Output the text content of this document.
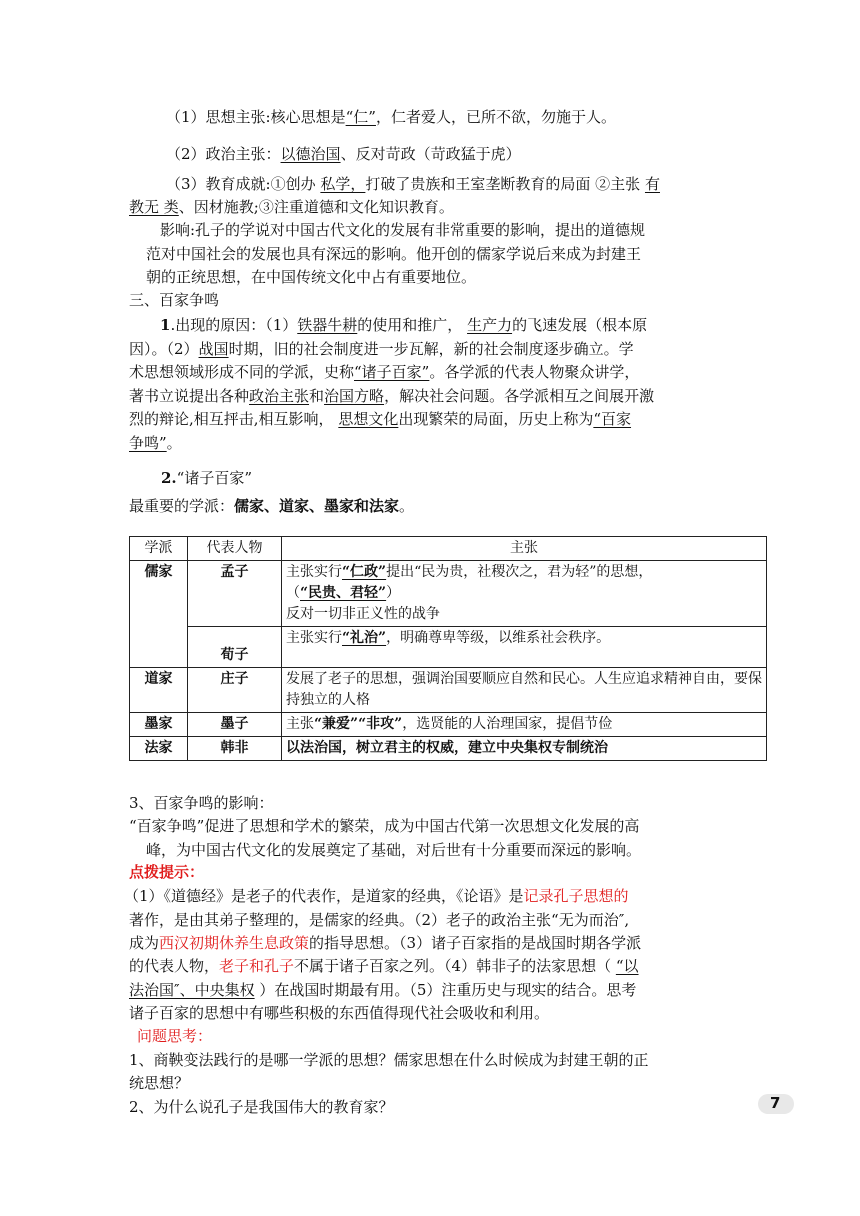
（1）思想主张:核心思想是“仁”，仁者爱人，已所不欲，勿施于人。
（2）政治主张：以德治国、反对苛政（苛政猛于虎）
（3）教育成就:①创办 私学，打破了贵族和王室垄断教育的局面 ②主张 有
教无 类、因材施教;③注重道德和文化知识教育。
影响:孔子的学说对中国古代文化的发展有非常重要的影响，提出的道德规
范对中国社会的发展也具有深远的影响。他开创的儒家学说后来成为封建王
朝的正统思想，在中国传统文化中占有重要地位。
三、百家争鸣
1.出现的原因：（1）铁器牛耕的使用和推广， 生产力的飞速发展（根本原
因）。（2）战国时期，旧的社会制度进一步瓦解，新的社会制度逐步确立。学
术思想领域形成不同的学派，史称“诸子百家”。各学派的代表人物聚众讲学，
著书立说提出各种政治主张和治国方略，解决社会问题。各学派相互之间展开激
烈的辩论,相互抨击,相互影响， 思想文化出现繁荣的局面，历史上称为“百家
争鸣”。
2.“诸子百家”
最重要的学派：儒家、道家、墨家和法家。
学派	代表人物	主张
儒家	孟子	主张实行“仁政”提出“民为贵，社稷次之，君为轻”的思想，
（“民贵、君轻”）
反对一切非正义性的战争

	荀子	主张实行“礼治”，明确尊卑等级，以维系社会秩序。
道家	庄子	发展了老子的思想，强调治国要顺应自然和民心。人生应追求精神自由，要保持独立的人格
墨家	墨子	主张“兼爱”“非攻”，选贤能的人治理国家，提倡节俭
法家	韩非	以法治国，树立君主的权威，建立中央集权专制统治
3、百家争鸣的影响：
“百家争鸣”促进了思想和学术的繁荣，成为中国古代第一次思想文化发展的高
峰，为中国古代文化的发展奠定了基础，对后世有十分重要而深远的影响。
点拨提示：
（1）《道德经》是老子的代表作，是道家的经典，《论语》是记录孔子思想的
著作，是由其弟子整理的，是儒家的经典。（2）老子的政治主张“无为而治″,
成为西汉初期休养生息政策的指导思想。（3）诸子百家指的是战国时期各学派
的代表人物，老子和孔子不属于诸子百家之列。（4）韩非子的法家思想（ “以
法治国″、中央集权 ）在战国时期最有用。（5）注重历史与现实的结合。思考
诸子百家的思想中有哪些积极的东西值得现代社会吸收和利用。
问题思考：
1、商鞅变法践行的是哪一学派的思想？儒家思想在什么时候成为封建王朝的正
统思想？
2、为什么说孔子是我国伟大的教育家？	7
